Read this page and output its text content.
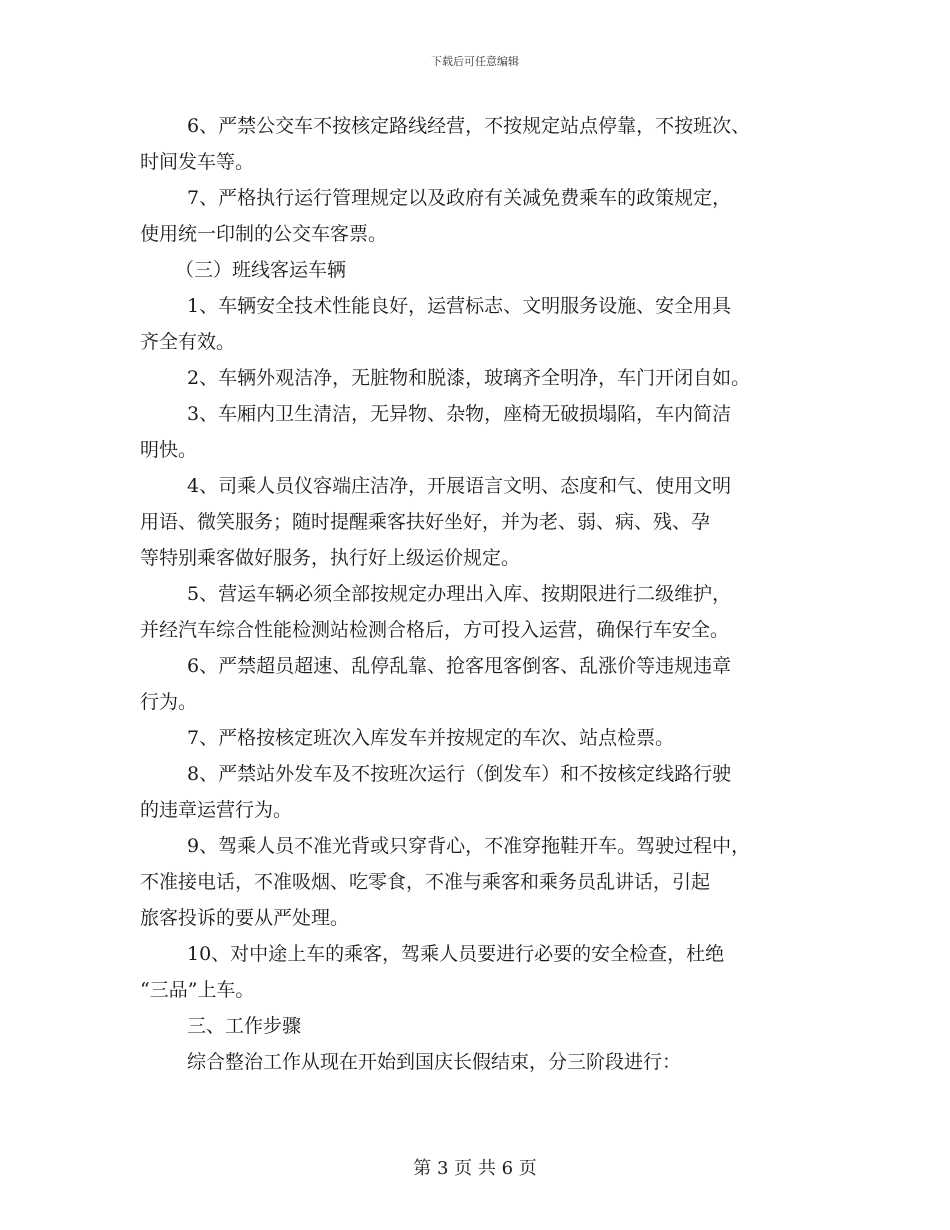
下载后可任意编辑
6、严禁公交车不按核定路线经营，不按规定站点停靠，不按班次、
时间发车等。
7、严格执行运行管理规定以及政府有关减免费乘车的政策规定，
使用统一印制的公交车客票。
（三）班线客运车辆
1、车辆安全技术性能良好，运营标志、文明服务设施、安全用具
齐全有效。
2、车辆外观洁净，无脏物和脱漆，玻璃齐全明净，车门开闭自如。
3、车厢内卫生清洁，无异物、杂物，座椅无破损塌陷，车内简洁
明快。
4、司乘人员仪容端庄洁净，开展语言文明、态度和气、使用文明
用语、微笑服务；随时提醒乘客扶好坐好，并为老、弱、病、残、孕
等特别乘客做好服务，执行好上级运价规定。
5、营运车辆必须全部按规定办理出入库、按期限进行二级维护，
并经汽车综合性能检测站检测合格后，方可投入运营，确保行车安全。
6、严禁超员超速、乱停乱靠、抢客甩客倒客、乱涨价等违规违章
行为。
7、严格按核定班次入库发车并按规定的车次、站点检票。
8、严禁站外发车及不按班次运行（倒发车）和不按核定线路行驶
的违章运营行为。
9、驾乘人员不准光背或只穿背心，不准穿拖鞋开车。驾驶过程中，
不准接电话，不准吸烟、吃零食，不准与乘客和乘务员乱讲话，引起
旅客投诉的要从严处理。
10、对中途上车的乘客，驾乘人员要进行必要的安全检查，杜绝
“三品”上车。
三、工作步骤
综合整治工作从现在开始到国庆长假结束，分三阶段进行：
第 3 页 共 6 页
